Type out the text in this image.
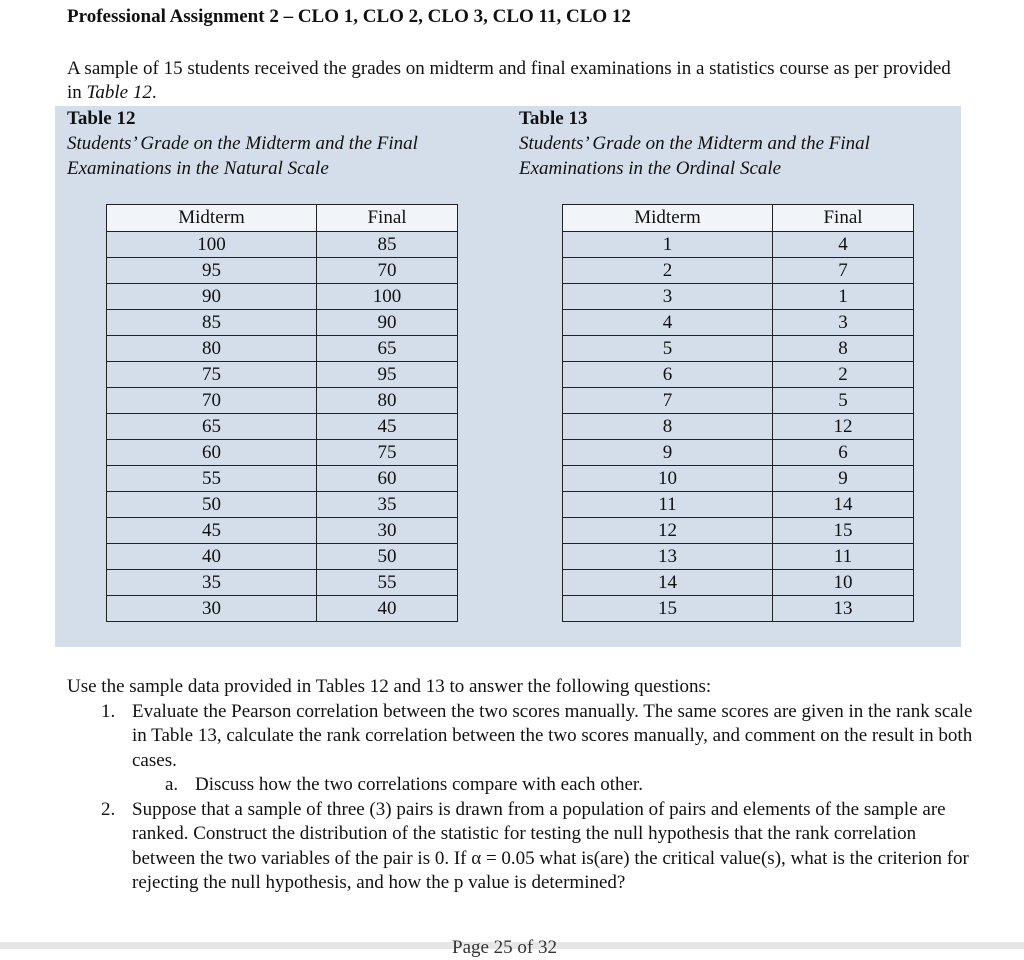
Professional Assignment 2 – CLO 1, CLO 2, CLO 3, CLO 11, CLO 12
A sample of 15 students received the grades on midterm and final examinations in a statistics course as per provided in Table 12.
Table 12
Students’ Grade on the Midterm and the Final Examinations in the Natural Scale
Table 13
Students’ Grade on the Midterm and the Final Examinations in the Ordinal Scale
Midterm	Final
100	85
95	70
90	100
85	90
80	65
75	95
70	80
65	45
60	75
55	60
50	35
45	30
40	50
35	55
30	40
Midterm	Final
1	4
2	7
3	1
4	3
5	8
6	2
7	5
8	12
9	6
10	9
11	14
12	15
13	11
14	10
15	13
Use the sample data provided in Tables 12 and 13 to answer the following questions:
1. Evaluate the Pearson correlation between the two scores manually. The same scores are given in the rank scale in Table 13, calculate the rank correlation between the two scores manually, and comment on the result in both cases.
a. Discuss how the two correlations compare with each other.
2. Suppose that a sample of three (3) pairs is drawn from a population of pairs and elements of the sample are ranked. Construct the distribution of the statistic for testing the null hypothesis that the rank correlation between the two variables of the pair is 0. If α = 0.05 what is(are) the critical value(s), what is the criterion for rejecting the null hypothesis, and how the p value is determined?
